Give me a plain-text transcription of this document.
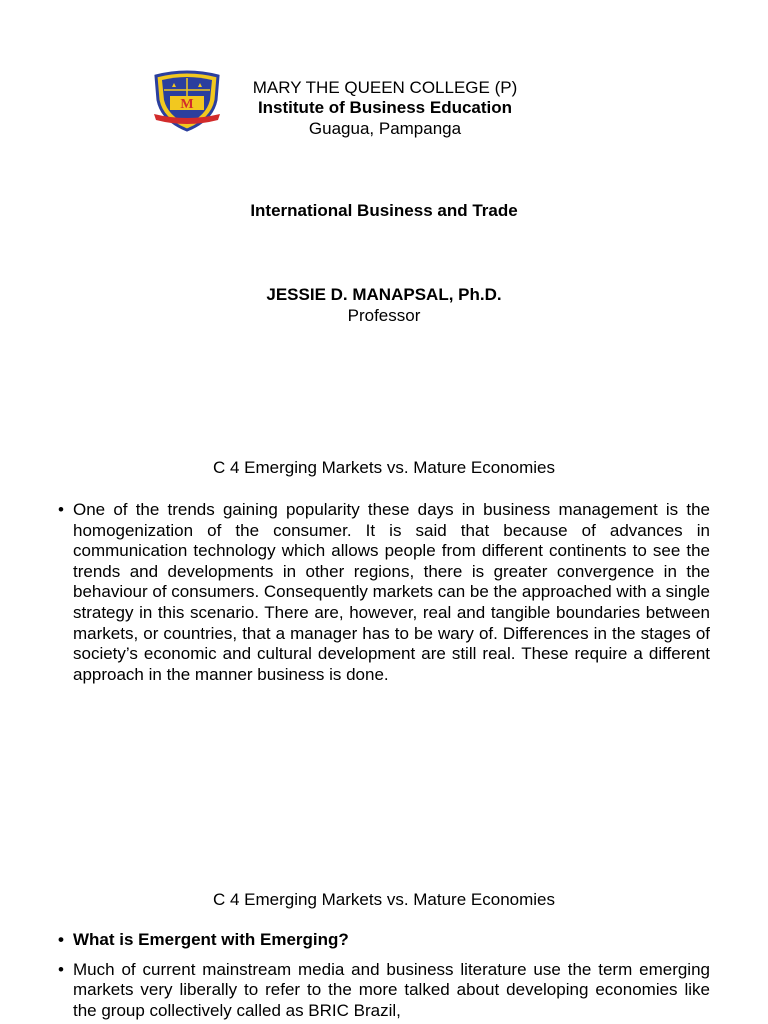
M
MARY THE QUEEN COLLEGE (P)
Institute of Business Education
Guagua, Pampanga
International Business and Trade
JESSIE D. MANAPSAL, Ph.D.
Professor
C 4 Emerging Markets vs. Mature Economies
• One of the trends gaining popularity these days in business management is the homogenization of the consumer. It is said that because of advances in communication technology which allows people from different continents to see the trends and developments in other regions, there is greater convergence in the behaviour of consumers. Consequently markets can be the approached with a single strategy in this scenario. There are, however, real and tangible boundaries between markets, or countries, that a manager has to be wary of. Differences in the stages of society’s economic and cultural development are still real. These require a different approach in the manner business is done.
C 4 Emerging Markets vs. Mature Economies
• What is Emergent with Emerging?
• Much of current mainstream media and business literature use the term emerging markets very liberally to refer to the more talked about developing economies like the group collectively called as BRIC Brazil,
